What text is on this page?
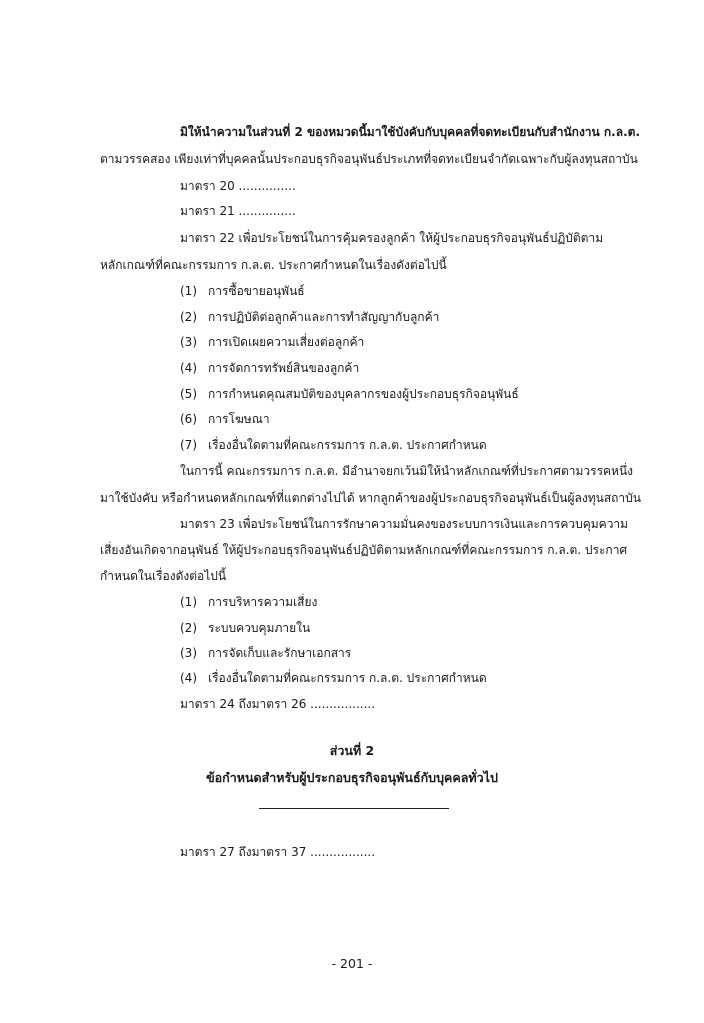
มิให้นำความในส่วนที่ 2 ของหมวดนี้มาใช้บังคับกับบุคคลที่จดทะเบียนกับสำนักงาน ก.ล.ต.
ตามวรรคสอง เพียงเท่าที่บุคคลนั้นประกอบธุรกิจอนุพันธ์ประเภทที่จดทะเบียนจำกัดเฉพาะกับผู้ลงทุนสถาบัน
มาตรา 20 ...............
มาตรา 21 ...............
มาตรา 22 เพื่อประโยชน์ในการคุ้มครองลูกค้า ให้ผู้ประกอบธุรกิจอนุพันธ์ปฏิบัติตาม
หลักเกณฑ์ที่คณะกรรมการ ก.ล.ต. ประกาศกำหนดในเรื่องดังต่อไปนี้
(1) การซื้อขายอนุพันธ์
(2) การปฏิบัติต่อลูกค้าและการทำสัญญากับลูกค้า
(3) การเปิดเผยความเสี่ยงต่อลูกค้า
(4) การจัดการทรัพย์สินของลูกค้า
(5) การกำหนดคุณสมบัติของบุคลากรของผู้ประกอบธุรกิจอนุพันธ์
(6) การโฆษณา
(7) เรื่องอื่นใดตามที่คณะกรรมการ ก.ล.ต. ประกาศกำหนด
ในการนี้ คณะกรรมการ ก.ล.ต. มีอำนาจยกเว้นมิให้นำหลักเกณฑ์ที่ประกาศตามวรรคหนึ่ง
มาใช้บังคับ หรือกำหนดหลักเกณฑ์ที่แตกต่างไปได้ หากลูกค้าของผู้ประกอบธุรกิจอนุพันธ์เป็นผู้ลงทุนสถาบัน
มาตรา 23 เพื่อประโยชน์ในการรักษาความมั่นคงของระบบการเงินและการควบคุมความ
เสี่ยงอันเกิดจากอนุพันธ์ ให้ผู้ประกอบธุรกิจอนุพันธ์ปฏิบัติตามหลักเกณฑ์ที่คณะกรรมการ ก.ล.ต. ประกาศ
กำหนดในเรื่องดังต่อไปนี้
(1) การบริหารความเสี่ยง
(2) ระบบควบคุมภายใน
(3) การจัดเก็บและรักษาเอกสาร
(4) เรื่องอื่นใดตามที่คณะกรรมการ ก.ล.ต. ประกาศกำหนด
มาตรา 24 ถึงมาตรา 26 .................
ส่วนที่ 2
ข้อกำหนดสำหรับผู้ประกอบธุรกิจอนุพันธ์กับบุคคลทั่วไป
มาตรา 27 ถึงมาตรา 37 .................
- 201 -
